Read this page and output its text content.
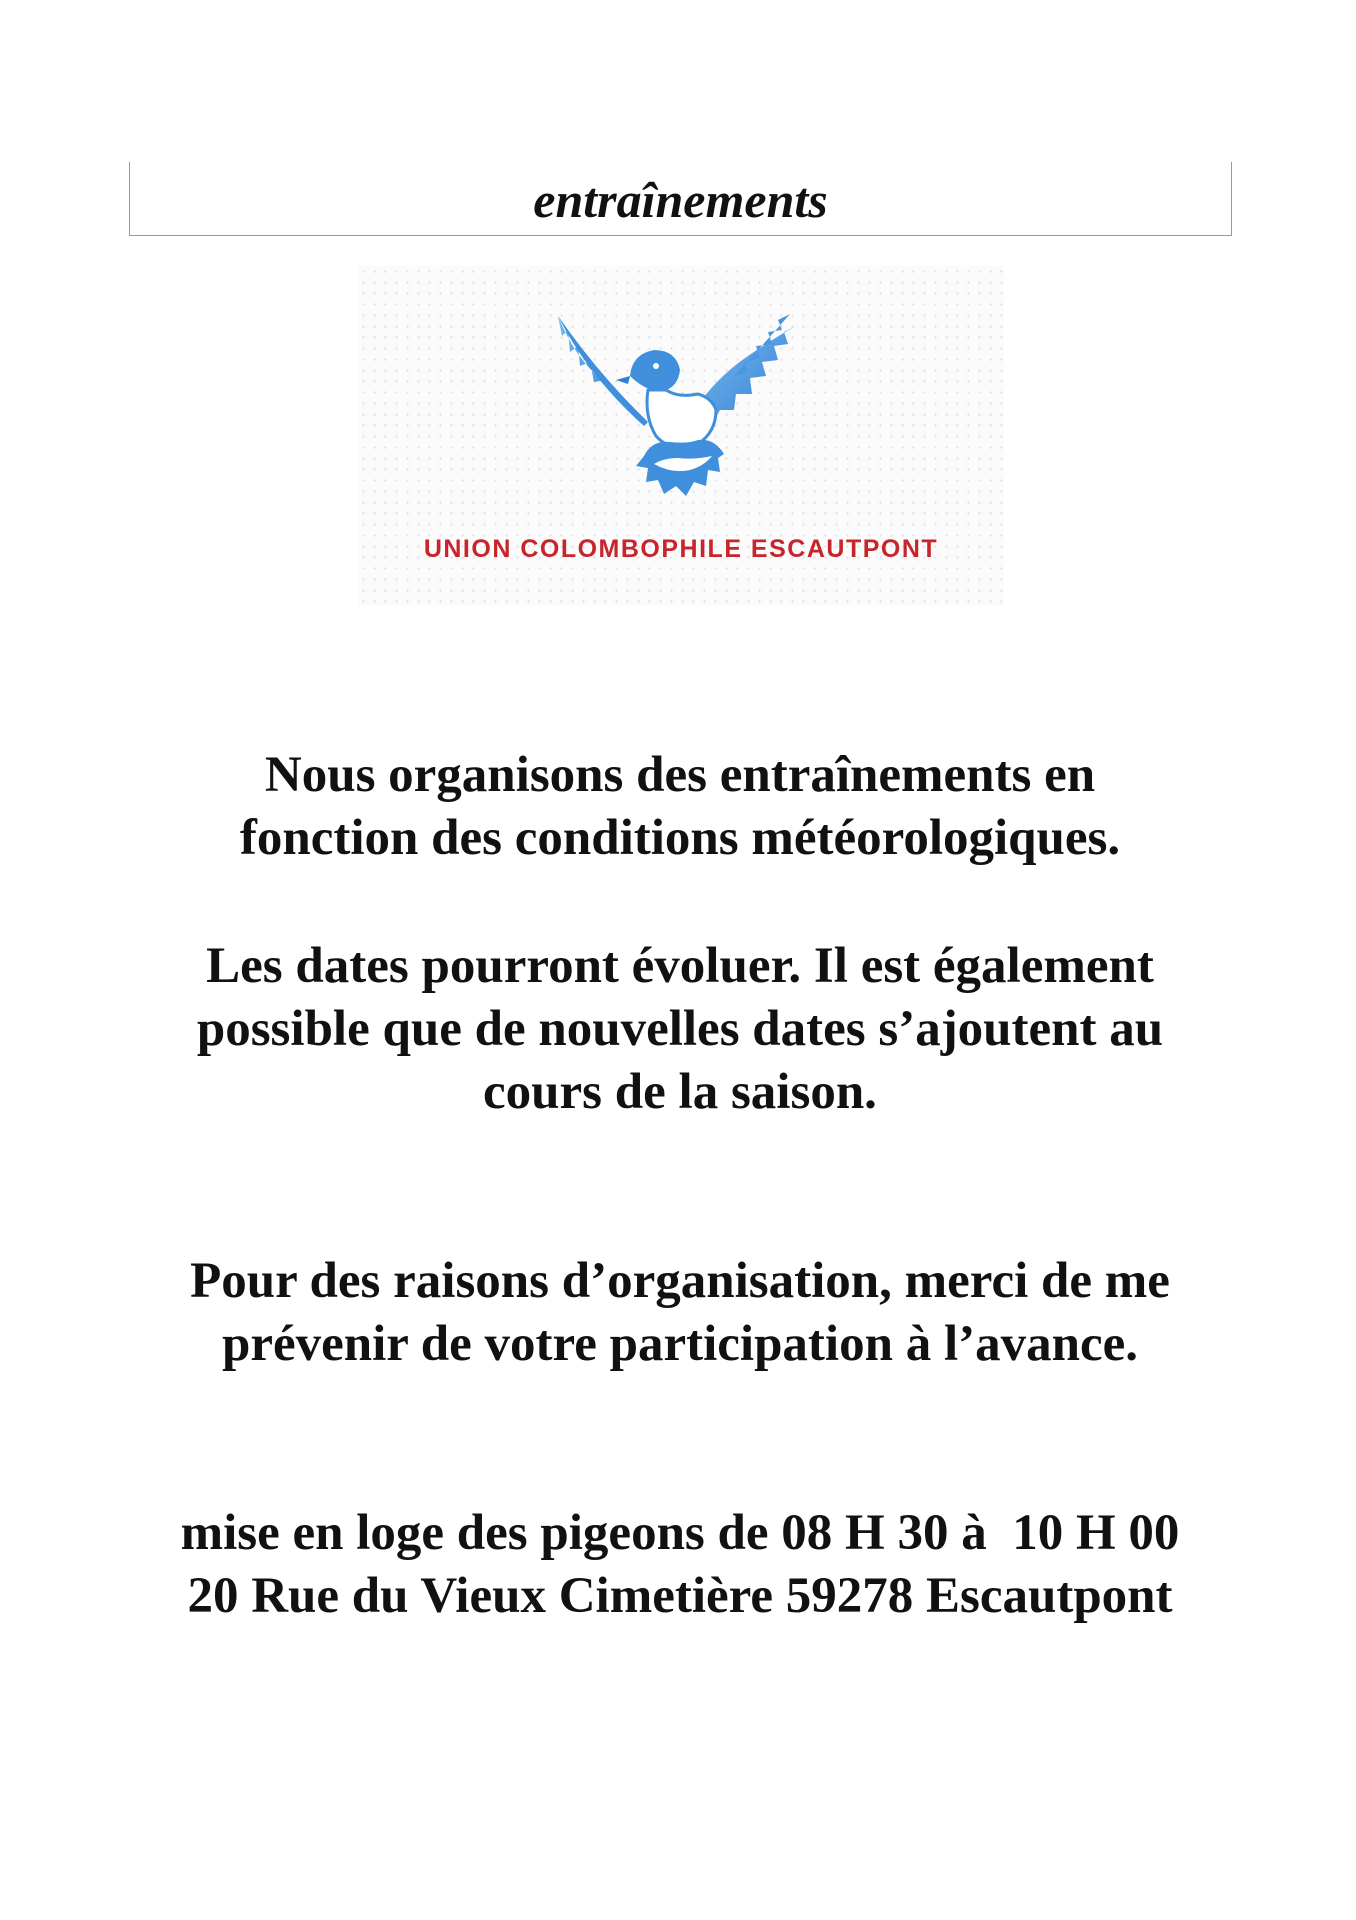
entraînements
UNION COLOMBOPHILE ESCAUTPONT
Nous organisons des entraînements en
fonction des conditions météorologiques.
Les dates pourront évoluer. Il est également
possible que de nouvelles dates s’ajoutent au
cours de la saison.
Pour des raisons d’organisation, merci de me
prévenir de votre participation à l’avance.
mise en loge des pigeons de 08 H 30 à  10 H 00
20 Rue du Vieux Cimetière 59278 Escautpont
